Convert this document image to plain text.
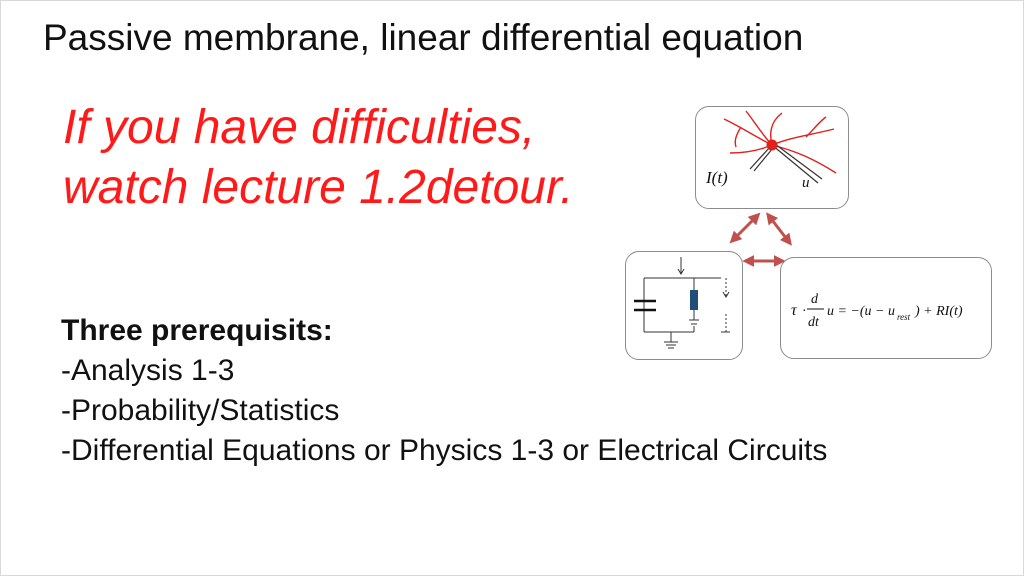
Passive membrane, linear differential equation
If you have difficulties,
watch lecture 1.2detour.
Three prerequisits:
-Analysis 1-3
-Probability/Statistics
-Differential Equations or Physics 1-3 or Electrical Circuits
I(t)	u
τ ·
d
dt
u = −(u − u rest ) + RI(t)
